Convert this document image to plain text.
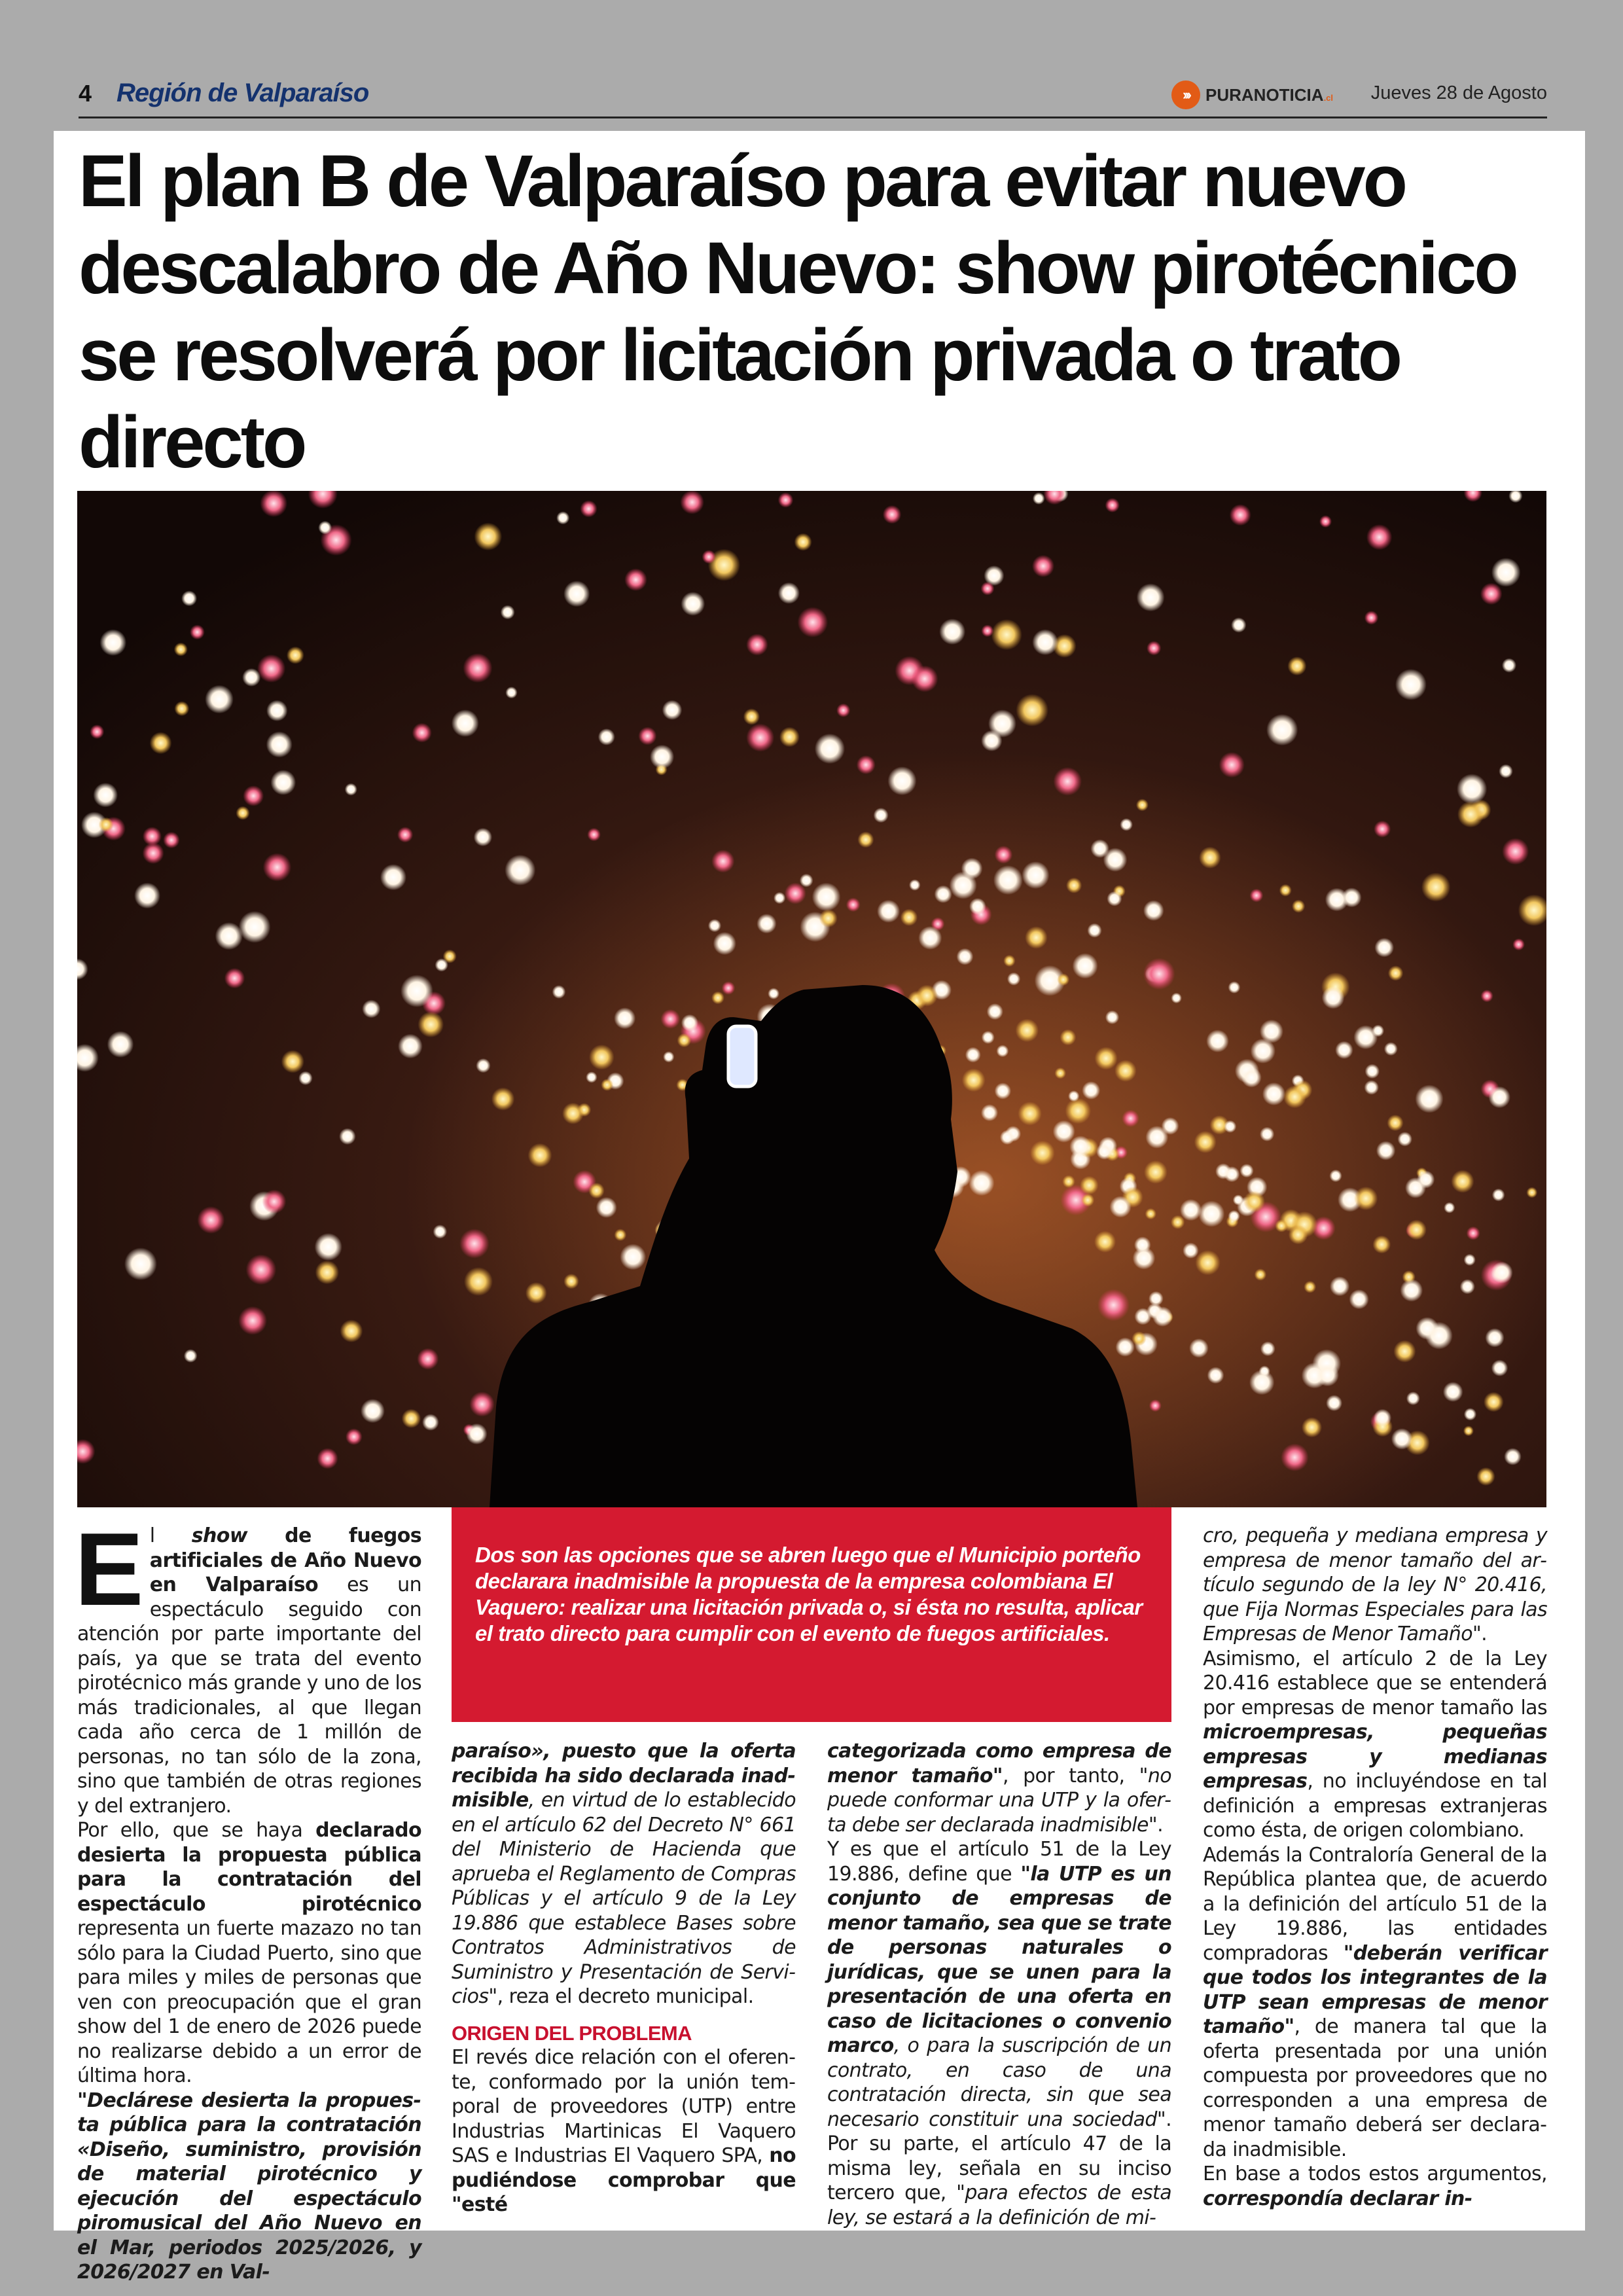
4 Región de Valparaíso	››› PURANOTICIA.cl Jueves 28 de Agosto
El plan B de Valparaíso para evitar nuevo descalabro de Año Nuevo: show pirotécnico se resolverá por licitación privada o trato directo

El show de fuegos artificiales de Año Nuevo en Valparaíso es un espectáculo seguido con atención por parte importante del país, ya que se trata del evento pirotécnico más grande y uno de los más tradicionales, al que llegan cada año cerca de 1 millón de personas, no tan sólo de la zona, sino que también de otras regiones y del extranjero.

Por ello, que se haya declarado desierta la propuesta pública para la contratación del espectáculo pirotécnico representa un fuerte mazazo no tan sólo para la Ciudad Puerto, sino que para miles y miles de personas que ven con preocupación que el gran show del 1 de enero de 2026 puede no realizarse debido a un error de última hora.

"Declárese desierta la propuesta pública para la contratación «Diseño, suministro, provisión de material pirotécnico y ejecución del espectáculo piromusical del Año Nuevo en el Mar, periodos 2025/2026, y 2026/2027 en Val-

Dos son las opciones que se abren luego que el Municipio porteño declarara inadmisible la propuesta de la empresa colombiana El Vaquero: realizar una licitación privada o, si ésta no resulta, aplicar el trato directo para cumplir con el evento de fuegos artificiales.

paraíso», puesto que la oferta recibida ha sido declarada inadmisible, en virtud de lo establecido en el artículo 62 del Decreto N° 661 del Ministerio de Hacienda que aprueba el Reglamento de Compras Públicas y el artículo 9 de la Ley 19.886 que establece Bases sobre Contratos Administrativos de Suministro y Presentación de Servicios", reza el decreto municipal.

ORIGEN DEL PROBLEMA

El revés dice relación con el oferente, conformado por la unión temporal de proveedores (UTP) entre Industrias Martinicas El Vaquero SAS e Industrias El Vaquero SPA, no pudiéndose comprobar que "esté

categorizada como empresa de menor tamaño", por tanto, "no puede conformar una UTP y la oferta debe ser declarada inadmisible".

Y es que el artículo 51 de la Ley 19.886, define que "la UTP es un conjunto de empresas de menor tamaño, sea que se trate de personas naturales o jurídicas, que se unen para la presentación de una oferta en caso de licitaciones o convenio marco, o para la suscripción de un contrato, en caso de una contratación directa, sin que sea necesario constituir una sociedad". Por su parte, el artículo 47 de la misma ley, señala en su inciso tercero que, "para efectos de esta ley, se estará a la definición de mi-

cro, pequeña y mediana empresa y empresa de menor tamaño del artículo segundo de la ley N° 20.416, que Fija Normas Especiales para las Empresas de Menor Tamaño".

Asimismo, el artículo 2 de la Ley 20.416 establece que se entenderá por empresas de menor tamaño las microempresas, pequeñas empresas y medianas empresas, no incluyéndose en tal definición a empresas extranjeras como ésta, de origen colombiano.

Además la Contraloría General de la República plantea que, de acuerdo a la definición del artículo 51 de la Ley 19.886, las entidades compradoras "deberán verificar que todos los integrantes de la UTP sean empresas de menor tamaño", de manera tal que la oferta presentada por una unión compuesta por proveedores que no corresponden a una empresa de menor tamaño deberá ser declarada inadmisible.

En base a todos estos argumentos, correspondía declarar in-
